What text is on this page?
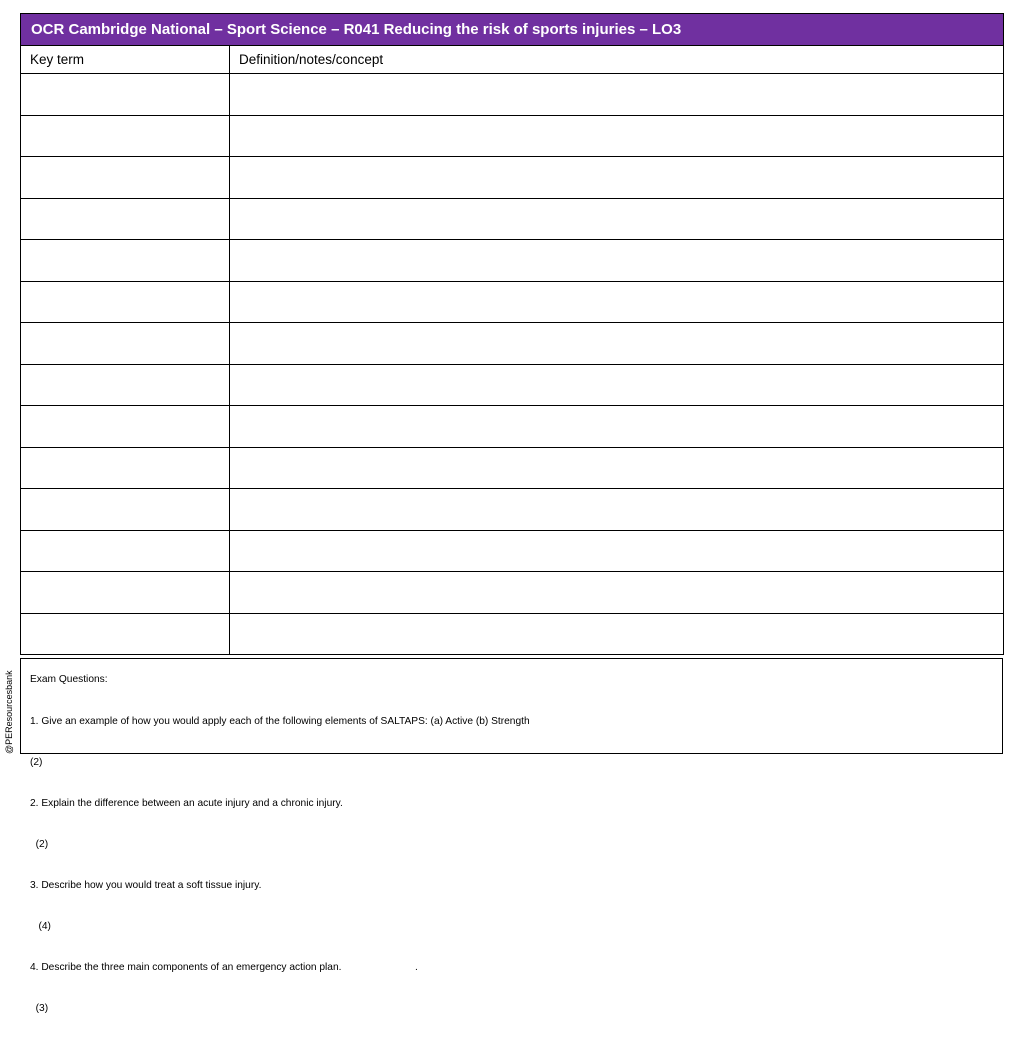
OCR Cambridge National – Sport Science – R041 Reducing the risk of sports injuries – LO3	
Key term	Definition/notes/concept

Exam Questions:

1. Give an example of how you would apply each of the following elements of SALTAPS: (a) Active (b) Strength

(2)

2. Explain the difference between an acute injury and a chronic injury.

(2)

3. Describe how you would treat a soft tissue injury.

(4)

4. Describe the three main components of an emergency action plan.                          .

(3)

@PEResourcesbank
